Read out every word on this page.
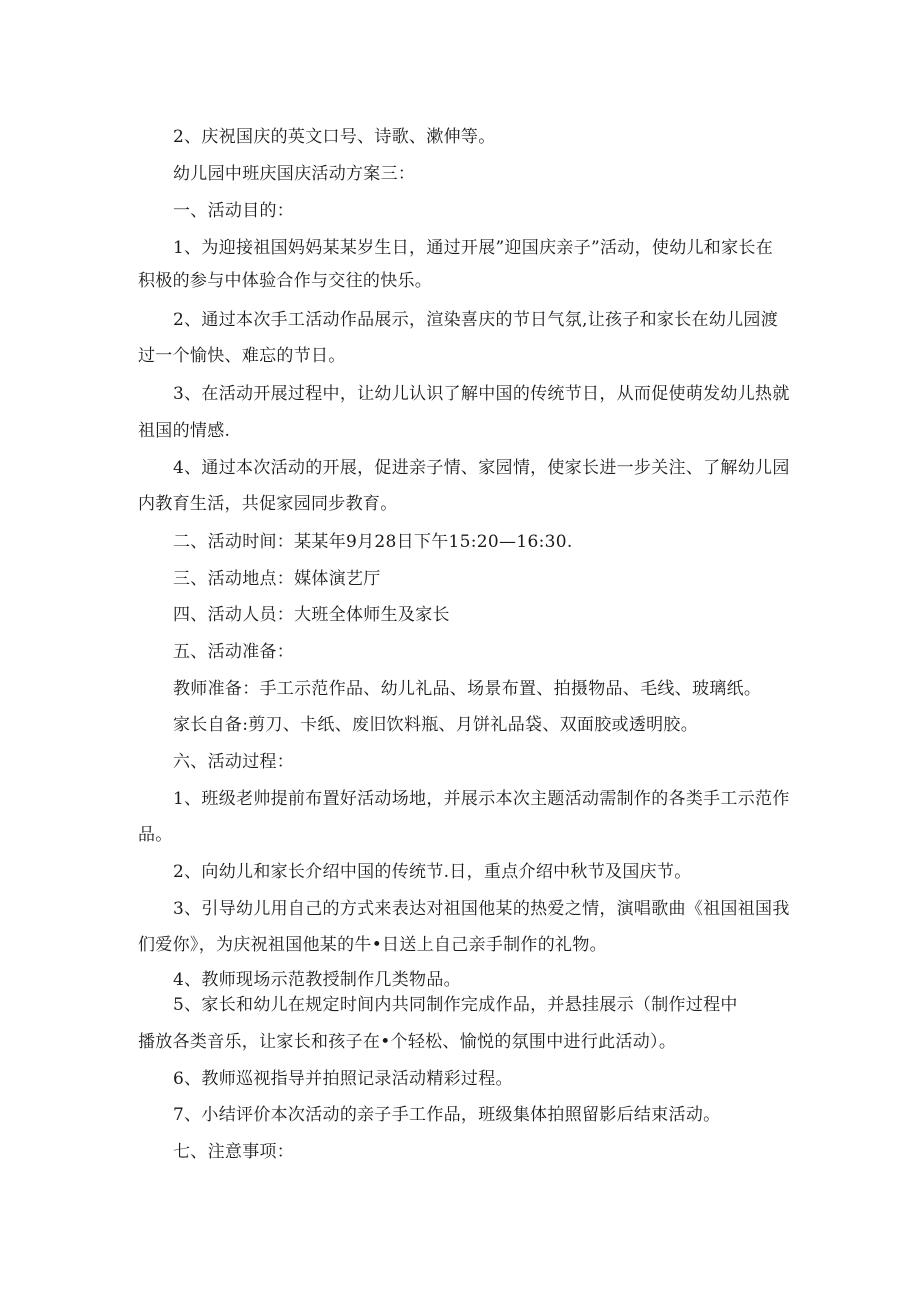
2、庆祝国庆的英文口号、诗歌、漱伸等。
幼儿园中班庆国庆活动方案三：
一、活动目的：
1、为迎接祖国妈妈某某岁生日，通过开展”迎国庆亲子”活动，使幼儿和家长在
积极的参与中体验合作与交往的快乐。
2、通过本次手工活动作品展示，渲染喜庆的节日气氛,让孩子和家长在幼儿园渡
过一个愉快、难忘的节日。
3、在活动开展过程中，让幼儿认识了解中国的传统节日，从而促使萌发幼儿热就
祖国的情感.
4、通过本次活动的开展，促进亲子情、家园情，使家长进一步关注、了解幼儿园
内教育生活，共促家园同步教育。
二、活动时间：某某年9月28日下午15:20—16:30.
三、活动地点：媒体演艺厅
四、活动人员：大班全体师生及家长
五、活动准备：
教师准备：手工示范作品、幼儿礼品、场景布置、拍摄物品、毛线、玻璃纸。
家长自备:剪刀、卡纸、废旧饮料瓶、月饼礼品袋、双面胶或透明胶。
六、活动过程：
1、班级老帅提前布置好活动场地，并展示本次主题活动需制作的各类手工示范作
品。
2、向幼儿和家长介绍中国的传统节.日，重点介绍中秋节及国庆节。
3、引导幼儿用自己的方式来表达对祖国他某的热爱之情，演唱歌曲《祖国祖国我
们爱你》，为庆祝祖国他某的牛•日送上自己亲手制作的礼物。
4、教师现场示范教授制作几类物品。
5、家长和幼儿在规定时间内共同制作完成作品，并悬挂展示（制作过程中
播放各类音乐，让家长和孩子在•个轻松、愉悦的氛围中进行此活动）。
6、教师巡视指导并拍照记录活动精彩过程。
7、小结评价本次活动的亲子手工作品，班级集体拍照留影后结束活动。
七、注意事项：
